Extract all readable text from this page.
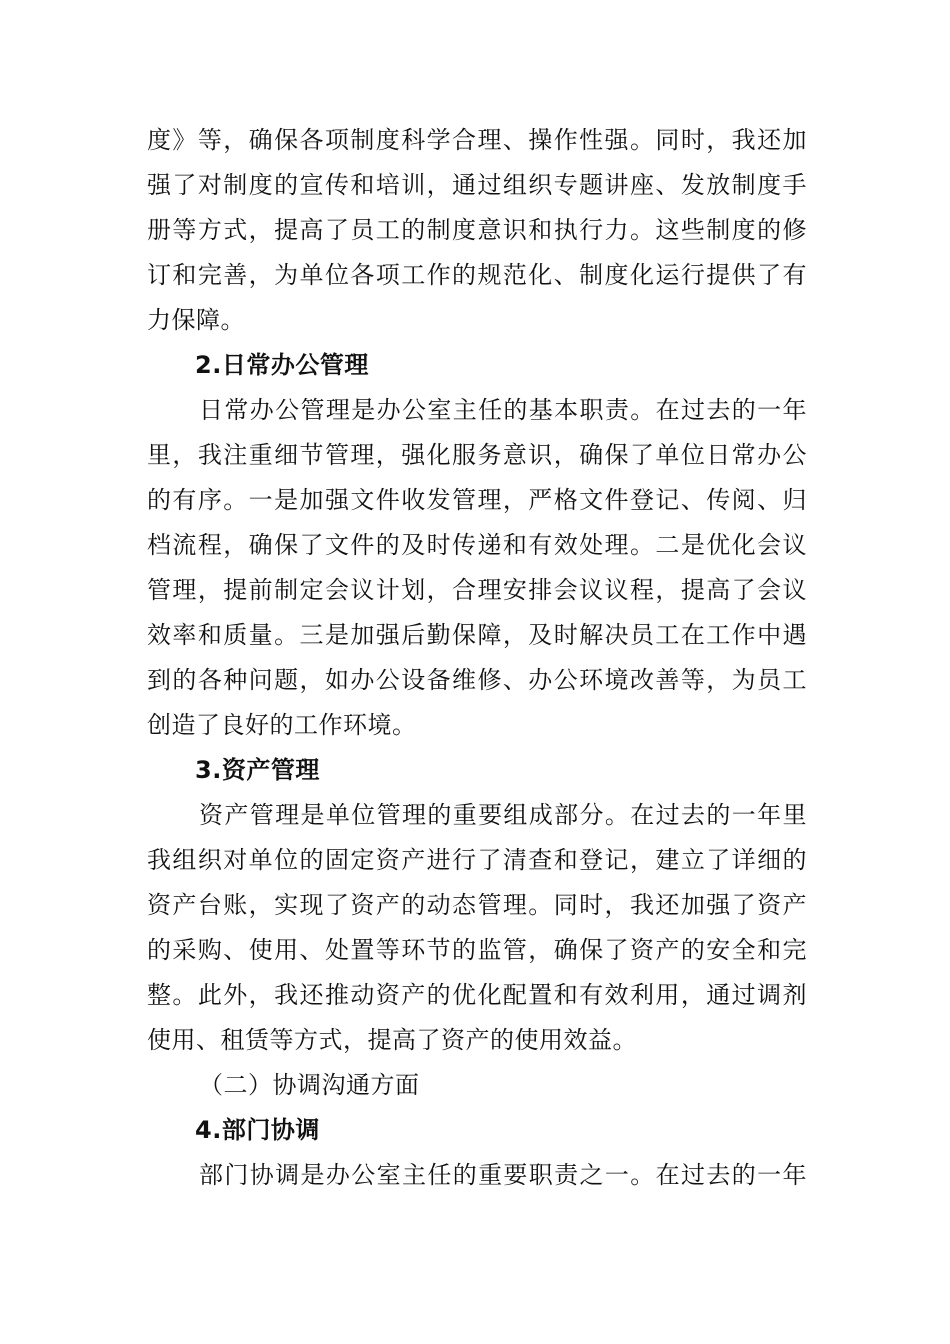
度》等，确保各项制度科学合理、操作性强。同时，我还加
强了对制度的宣传和培训，通过组织专题讲座、发放制度手
册等方式，提高了员工的制度意识和执行力。这些制度的修
订和完善，为单位各项工作的规范化、制度化运行提供了有
力保障。
2.日常办公管理
日常办公管理是办公室主任的基本职责。在过去的一年
里，我注重细节管理，强化服务意识，确保了单位日常办公
的有序。一是加强文件收发管理，严格文件登记、传阅、归
档流程，确保了文件的及时传递和有效处理。二是优化会议
管理，提前制定会议计划，合理安排会议议程，提高了会议
效率和质量。三是加强后勤保障，及时解决员工在工作中遇
到的各种问题，如办公设备维修、办公环境改善等，为员工
创造了良好的工作环境。
3.资产管理
资产管理是单位管理的重要组成部分。在过去的一年里
我组织对单位的固定资产进行了清查和登记，建立了详细的
资产台账，实现了资产的动态管理。同时，我还加强了资产
的采购、使用、处置等环节的监管，确保了资产的安全和完
整。此外，我还推动资产的优化配置和有效利用，通过调剂
使用、租赁等方式，提高了资产的使用效益。
（二）协调沟通方面
4.部门协调
部门协调是办公室主任的重要职责之一。在过去的一年
